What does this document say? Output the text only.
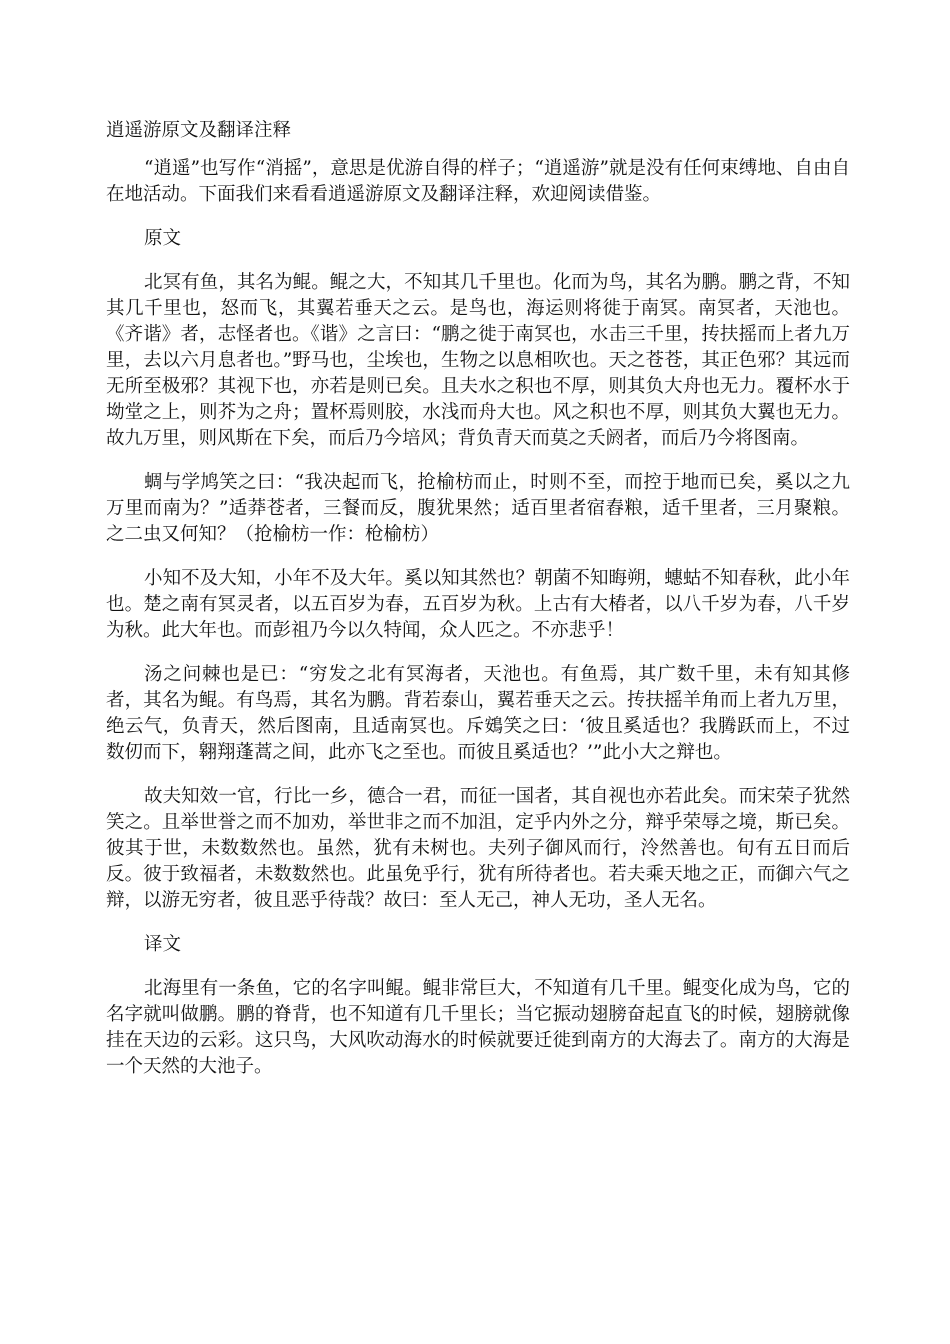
逍遥游原文及翻译注释

“逍遥”也写作“消摇”，意思是优游自得的样子；“逍遥游”就是没有任何束缚地、自由自在地活动。下面我们来看看逍遥游原文及翻译注释，欢迎阅读借鉴。

原文

北冥有鱼，其名为鲲。鲲之大，不知其几千里也。化而为鸟，其名为鹏。鹏之背，不知其几千里也，怒而飞，其翼若垂天之云。是鸟也，海运则将徙于南冥。南冥者，天池也。《齐谐》者，志怪者也。《谐》之言曰：“鹏之徙于南冥也，水击三千里，抟扶摇而上者九万里，去以六月息者也。”野马也，尘埃也，生物之以息相吹也。天之苍苍，其正色邪？其远而无所至极邪？其视下也，亦若是则已矣。且夫水之积也不厚，则其负大舟也无力。覆杯水于坳堂之上，则芥为之舟；置杯焉则胶，水浅而舟大也。风之积也不厚，则其负大翼也无力。故九万里，则风斯在下矣，而后乃今培风；背负青天而莫之夭阏者，而后乃今将图南。

蜩与学鸠笑之曰：“我决起而飞，抢榆枋而止，时则不至，而控于地而已矣，奚以之九万里而南为？”适莽苍者，三餐而反，腹犹果然；适百里者宿舂粮，适千里者，三月聚粮。之二虫又何知？（抢榆枋一作：枪榆枋）

小知不及大知，小年不及大年。奚以知其然也？朝菌不知晦朔，蟪蛄不知春秋，此小年也。楚之南有冥灵者，以五百岁为春，五百岁为秋。上古有大椿者，以八千岁为春，八千岁为秋。此大年也。而彭祖乃今以久特闻，众人匹之。不亦悲乎！

汤之问棘也是已：“穷发之北有冥海者，天池也。有鱼焉，其广数千里，未有知其修者，其名为鲲。有鸟焉，其名为鹏。背若泰山，翼若垂天之云。抟扶摇羊角而上者九万里，绝云气，负青天，然后图南，且适南冥也。斥鴳笑之曰：‘彼且奚适也？我腾跃而上，不过数仞而下，翱翔蓬蒿之间，此亦飞之至也。而彼且奚适也？’”此小大之辩也。

故夫知效一官，行比一乡，德合一君，而征一国者，其自视也亦若此矣。而宋荣子犹然笑之。且举世誉之而不加劝，举世非之而不加沮，定乎内外之分，辩乎荣辱之境，斯已矣。彼其于世，未数数然也。虽然，犹有未树也。夫列子御风而行，泠然善也。旬有五日而后反。彼于致福者，未数数然也。此虽免乎行，犹有所待者也。若夫乘天地之正，而御六气之辩，以游无穷者，彼且恶乎待哉？故曰：至人无己，神人无功，圣人无名。

译文

北海里有一条鱼，它的名字叫鲲。鲲非常巨大，不知道有几千里。鲲变化成为鸟，它的名字就叫做鹏。鹏的脊背，也不知道有几千里长；当它振动翅膀奋起直飞的时候，翅膀就像挂在天边的云彩。这只鸟，大风吹动海水的时候就要迁徙到南方的大海去了。南方的大海是一个天然的大池子。
